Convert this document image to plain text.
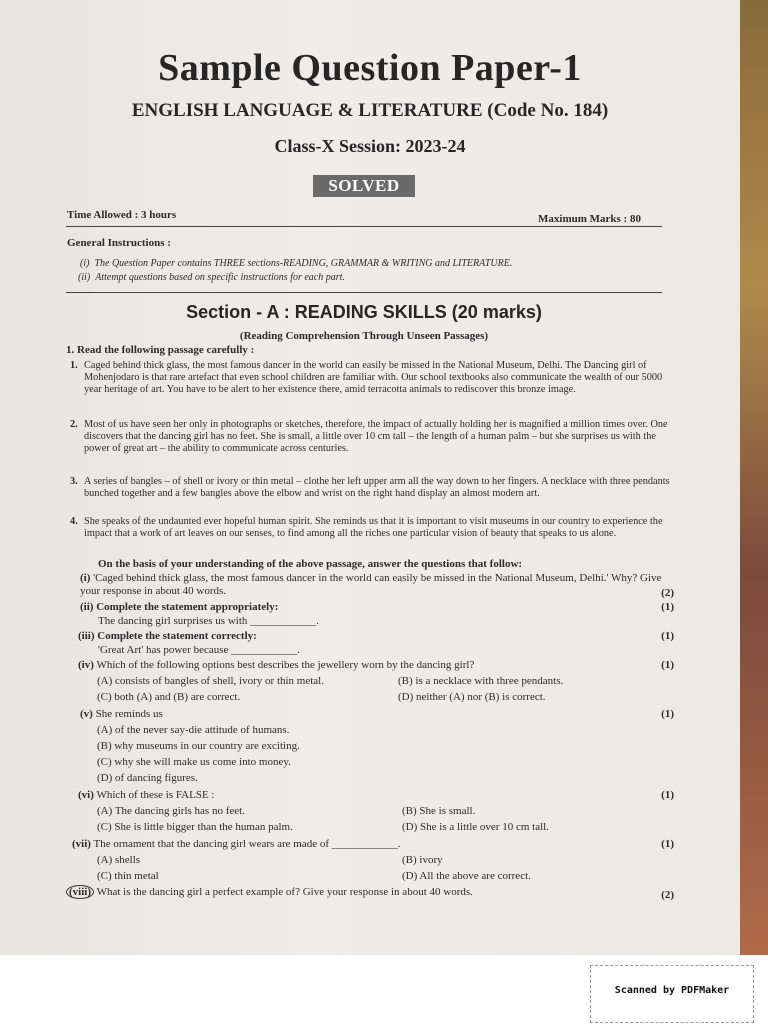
Sample Question Paper-1
ENGLISH LANGUAGE & LITERATURE (Code No. 184)
Class-X Session: 2023-24
SOLVED
Time Allowed : 3 hours	Maximum Marks : 80
General Instructions :
(i) The Question Paper contains THREE sections-READING, GRAMMAR & WRITING and LITERATURE.
(ii) Attempt questions based on specific instructions for each part.
Section - A : READING SKILLS (20 marks)
(Reading Comprehension Through Unseen Passages)
1. Read the following passage carefully :
1. Caged behind thick glass, the most famous dancer in the world can easily be missed in the National Museum, Delhi. The Dancing girl of Mohenjodaro is that rare artefact that even school children are familiar with. Our school textbooks also communicate the wealth of our 5000 year heritage of art. You have to be alert to her existence there, amid terracotta animals to rediscover this bronze image.
2. Most of us have seen her only in photographs or sketches, therefore, the impact of actually holding her is magnified a million times over. One discovers that the dancing girl has no feet. She is small, a little over 10 cm tall – the length of a human palm – but she surprises us with the power of great art – the ability to communicate across centuries.
3. A series of bangles – of shell or ivory or thin metal – clothe her left upper arm all the way down to her fingers. A necklace with three pendants bunched together and a few bangles above the elbow and wrist on the right hand display an almost modern art.
4. She speaks of the undaunted ever hopeful human spirit. She reminds us that it is important to visit museums in our country to experience the impact that a work of art leaves on our senses, to find among all the riches one particular vision of beauty that speaks to us alone.
On the basis of your understanding of the above passage, answer the questions that follow:
(i) 'Caged behind thick glass, the most famous dancer in the world can easily be missed in the National Museum, Delhi.' Why? Give your response in about 40 words.	(2)
(ii) Complete the statement appropriately:
The dancing girl surprises us with ____________.
(1)
(iii) Complete the statement correctly:
'Great Art' has power because ____________.
(1)
(iv) Which of the following options best describes the jewellery worn by the dancing girl?	(1)
(A) consists of bangles of shell, ivory or thin metal.	(B) is a necklace with three pendants.
(C) both (A) and (B) are correct.	(D) neither (A) nor (B) is correct.
(v) She reminds us	(1)
(A) of the never say-die attitude of humans.
(B) why museums in our country are exciting.
(C) why she will make us come into money.
(D) of dancing figures.
(vi) Which of these is FALSE :	(1)
(A) The dancing girls has no feet.	(B) She is small.
(C) She is little bigger than the human palm.	(D) She is a little over 10 cm tall.
(vii) The ornament that the dancing girl wears are made of ____________.	(1)
(A) shells	(B) ivory
(C) thin metal	(D) All the above are correct.
(viii) What is the dancing girl a perfect example of? Give your response in about 40 words.	(2)
Scanned by PDFMaker
